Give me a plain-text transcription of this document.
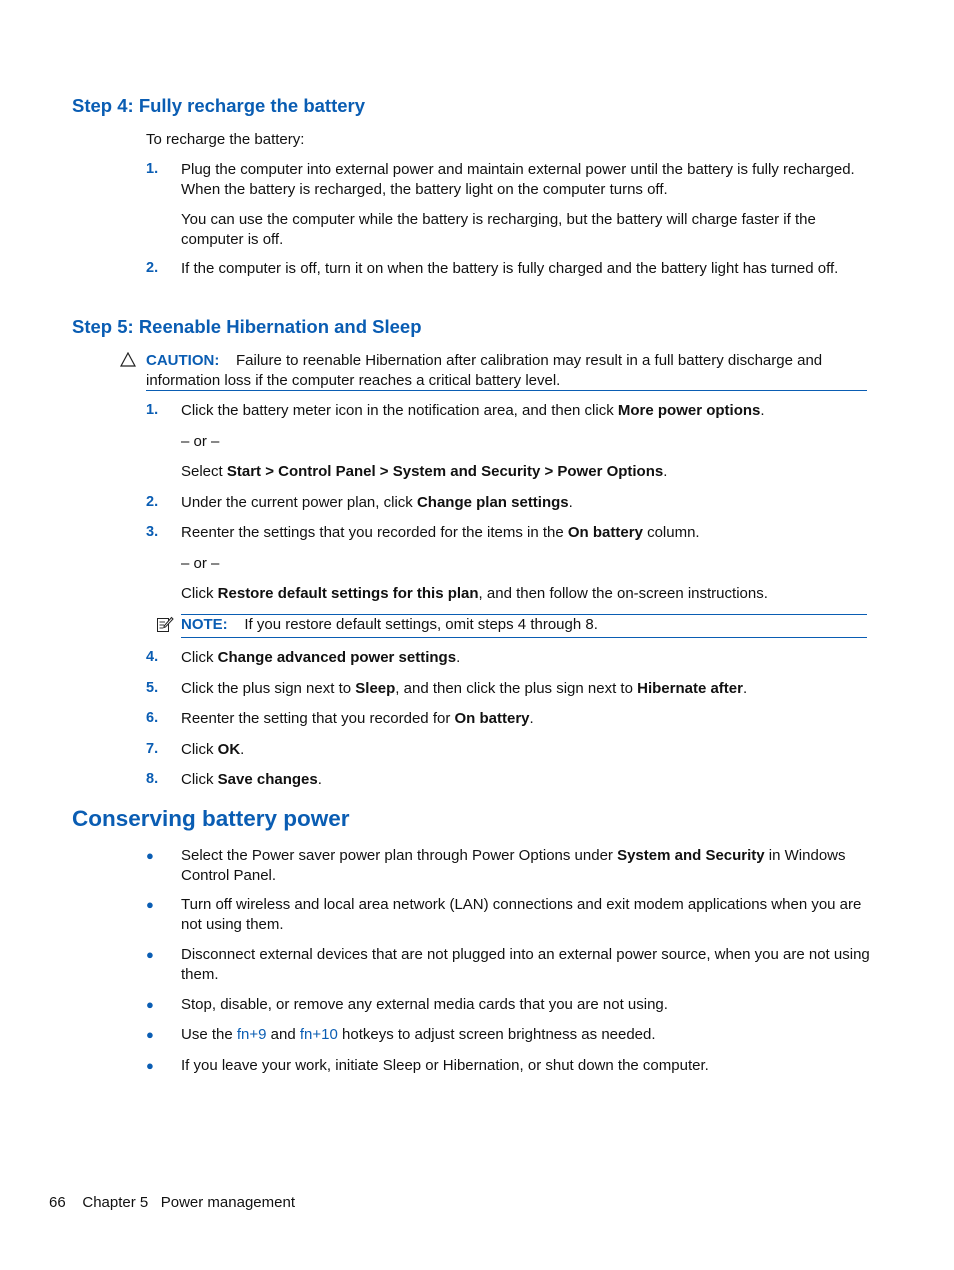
Step 4: Fully recharge the battery
To recharge the battery:
1. Plug the computer into external power and maintain external power until the battery is fully recharged. When the battery is recharged, the battery light on the computer turns off.
You can use the computer while the battery is recharging, but the battery will charge faster if the computer is off.
2. If the computer is off, turn it on when the battery is fully charged and the battery light has turned off.
Step 5: Reenable Hibernation and Sleep
CAUTION: Failure to reenable Hibernation after calibration may result in a full battery discharge and information loss if the computer reaches a critical battery level.
1. Click the battery meter icon in the notification area, and then click More power options.
– or –
Select Start > Control Panel > System and Security > Power Options.
2. Under the current power plan, click Change plan settings.
3. Reenter the settings that you recorded for the items in the On battery column.
– or –
Click Restore default settings for this plan, and then follow the on-screen instructions.
NOTE: If you restore default settings, omit steps 4 through 8.
4. Click Change advanced power settings.
5. Click the plus sign next to Sleep, and then click the plus sign next to Hibernate after.
6. Reenter the setting that you recorded for On battery.
7. Click OK.
8. Click Save changes.
Conserving battery power
● Select the Power saver power plan through Power Options under System and Security in Windows Control Panel.
● Turn off wireless and local area network (LAN) connections and exit modem applications when you are not using them.
● Disconnect external devices that are not plugged into an external power source, when you are not using them.
● Stop, disable, or remove any external media cards that you are not using.
● Use the fn+9 and fn+10 hotkeys to adjust screen brightness as needed.
● If you leave your work, initiate Sleep or Hibernation, or shut down the computer.
66 Chapter 5 Power management
